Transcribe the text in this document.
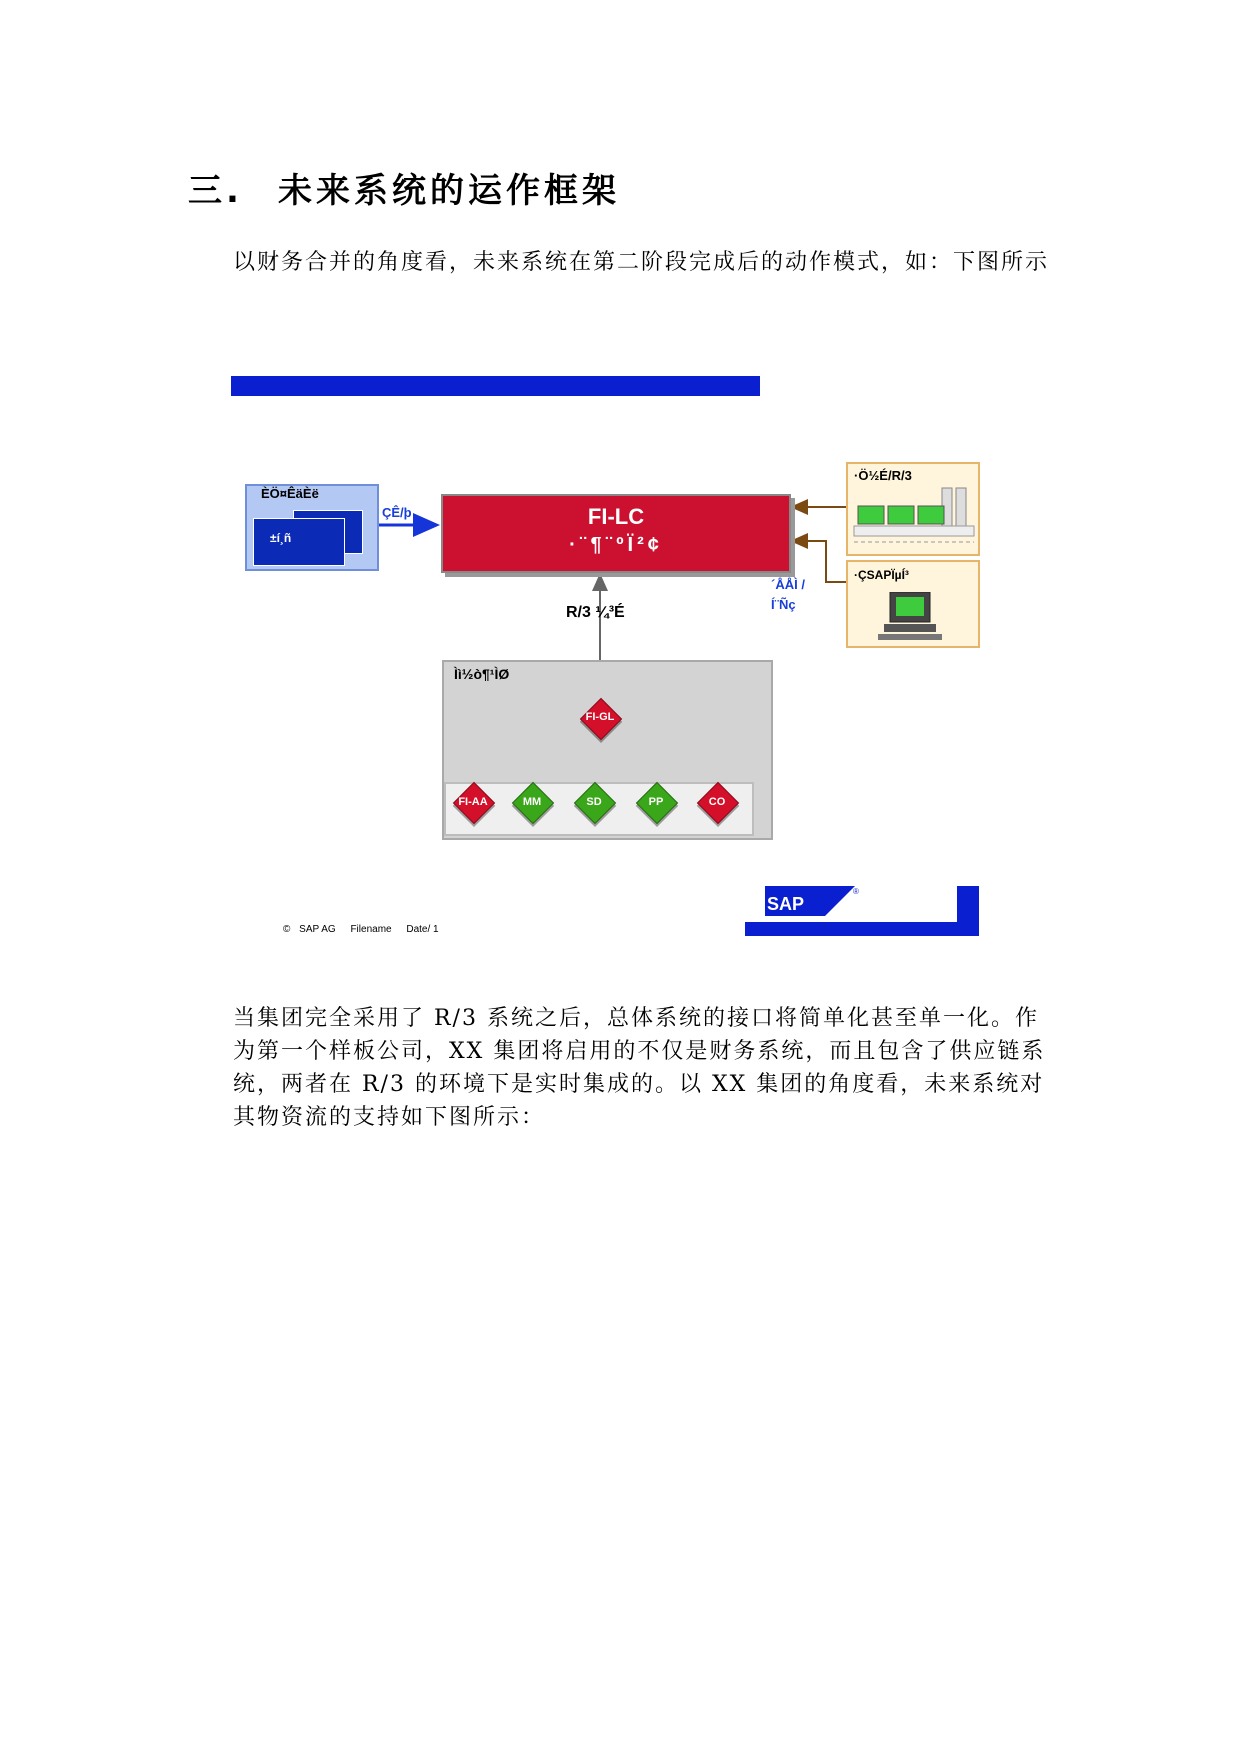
三. 未来系统的运作框架
以财务合并的角度看，未来系统在第二阶段完成后的动作模式，如：下图所示
ÈÖ¤ÊäÈë
±í¸ñ
ÇÊ/þ	FI-LC
·¨¶¨ºÏ²¢
·Ö½É/R/3
·ÇSAPÏµÍ³
´ÅÅÌ /
Í¨Ñç
R/3 ¼³É
Ìì½ò¶¹ÌØ
FI-GL
FI-AA	MM	SD	PP	CO
© SAP AG Filename Date/ 1
SAP
®
当集团完全采用了 R/3 系统之后，总体系统的接口将简单化甚至单一化。作为第一个样板公司，XX 集团将启用的不仅是财务系统，而且包含了供应链系统，两者在 R/3 的环境下是实时集成的。以 XX 集团的角度看，未来系统对其物资流的支持如下图所示：
